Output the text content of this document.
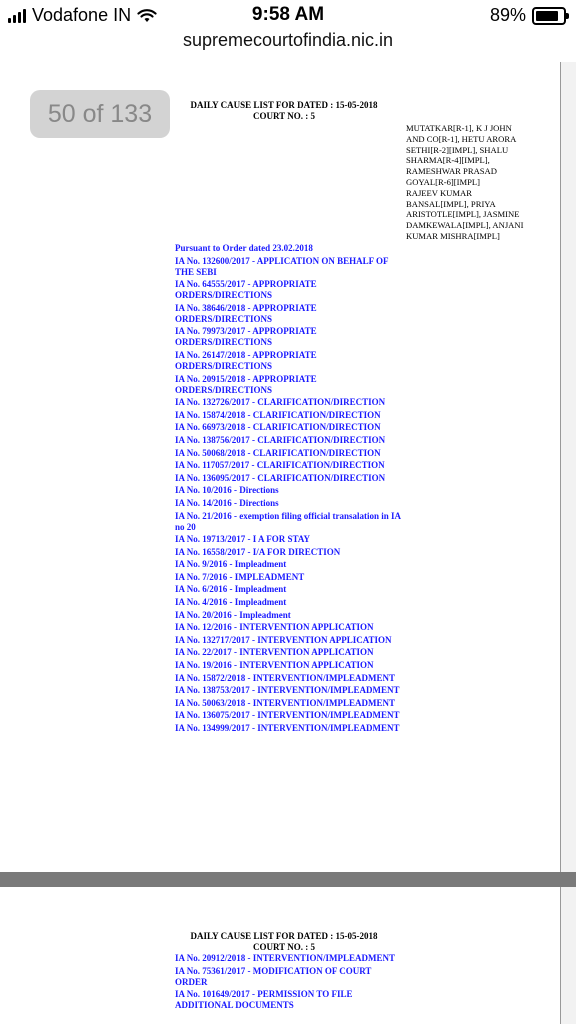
Vodafone IN	9:58 AM	89%
supremecourtofindia.nic.in
50 of 133	DAILY CAUSE LIST FOR DATED : 15-05-2018
COURT NO. : 5
MUTATKAR[R-1], K J JOHN
AND CO[R-1], HETU ARORA
SETHI[R-2][IMPL], SHALU
SHARMA[R-4][IMPL],
RAMESHWAR PRASAD
GOYAL[R-6][IMPL]
RAJEEV KUMAR
BANSAL[IMPL], PRIYA
ARISTOTLE[IMPL], JASMINE
DAMKEWALA[IMPL], ANJANI
KUMAR MISHRA[IMPL]
Pursuant to Order dated 23.02.2018
IA No. 132600/2017 - APPLICATION ON BEHALF OF THE SEBI
IA No. 64555/2017 - APPROPRIATE ORDERS/DIRECTIONS
IA No. 38646/2018 - APPROPRIATE ORDERS/DIRECTIONS
IA No. 79973/2017 - APPROPRIATE ORDERS/DIRECTIONS
IA No. 26147/2018 - APPROPRIATE ORDERS/DIRECTIONS
IA No. 20915/2018 - APPROPRIATE ORDERS/DIRECTIONS
IA No. 132726/2017 - CLARIFICATION/DIRECTION
IA No. 15874/2018 - CLARIFICATION/DIRECTION
IA No. 66973/2018 - CLARIFICATION/DIRECTION
IA No. 138756/2017 - CLARIFICATION/DIRECTION
IA No. 50068/2018 - CLARIFICATION/DIRECTION
IA No. 117057/2017 - CLARIFICATION/DIRECTION
IA No. 136095/2017 - CLARIFICATION/DIRECTION
IA No. 10/2016 - Directions
IA No. 14/2016 - Directions
IA No. 21/2016 - exemption filing official transalation in IA no 20
IA No. 19713/2017 - I A FOR STAY
IA No. 16558/2017 - I/A FOR DIRECTION
IA No. 9/2016 - Impleadment
IA No. 7/2016 - IMPLEADMENT
IA No. 6/2016 - Impleadment
IA No. 4/2016 - Impleadment
IA No. 20/2016 - Impleadment
IA No. 12/2016 - INTERVENTION APPLICATION
IA No. 132717/2017 - INTERVENTION APPLICATION
IA No. 22/2017 - INTERVENTION APPLICATION
IA No. 19/2016 - INTERVENTION APPLICATION
IA No. 15872/2018 - INTERVENTION/IMPLEADMENT
IA No. 138753/2017 - INTERVENTION/IMPLEADMENT
IA No. 50063/2018 - INTERVENTION/IMPLEADMENT
IA No. 136075/2017 - INTERVENTION/IMPLEADMENT
IA No. 134999/2017 - INTERVENTION/IMPLEADMENT
DAILY CAUSE LIST FOR DATED : 15-05-2018
COURT NO. : 5
IA No. 20912/2018 - INTERVENTION/IMPLEADMENT
IA No. 75361/2017 - MODIFICATION OF COURT ORDER
IA No. 101649/2017 - PERMISSION TO FILE ADDITIONAL DOCUMENTS
